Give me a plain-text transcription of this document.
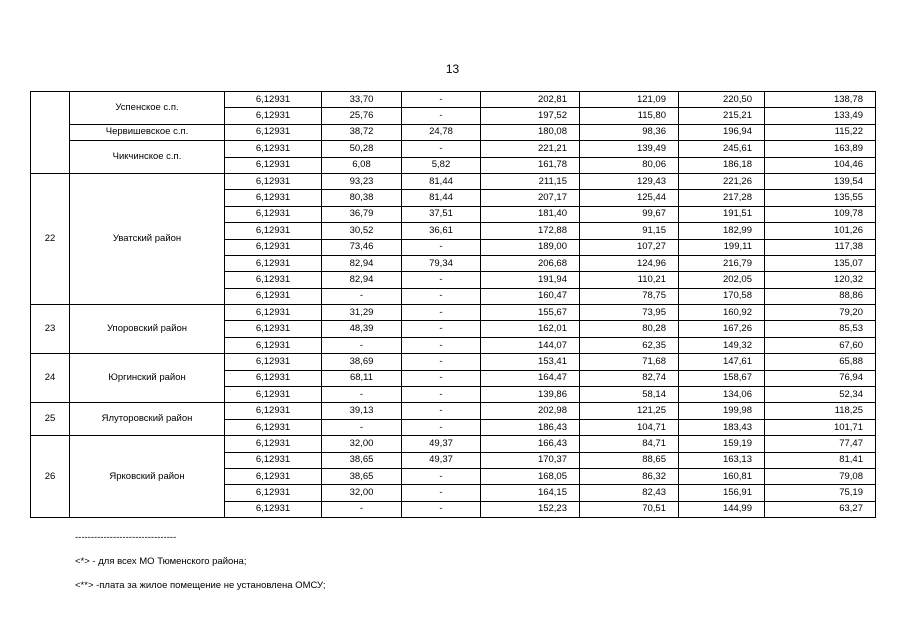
13
	Успенское с.п.	6,12931	33,70	-	202,81	121,09	220,50	138,78
		6,12931	25,76	-	197,52	115,80	215,21	133,49
	Червишевское с.п.	6,12931	38,72	24,78	180,08	98,36	196,94	115,22
	Чикчинское с.п.	6,12931	50,28	-	221,21	139,49	245,61	163,89
		6,12931	6,08	5,82	161,78	80,06	186,18	104,46
22	Уватский район	6,12931	93,23	81,44	211,15	129,43	221,26	139,54
		6,12931	80,38	81,44	207,17	125,44	217,28	135,55
		6,12931	36,79	37,51	181,40	99,67	191,51	109,78
		6,12931	30,52	36,61	172,88	91,15	182,99	101,26
		6,12931	73,46	-	189,00	107,27	199,11	117,38
		6,12931	82,94	79,34	206,68	124,96	216,79	135,07
		6,12931	82,94	-	191,94	110,21	202,05	120,32
		6,12931	-	-	160,47	78,75	170,58	88,86
23	Упоровский район	6,12931	31,29	-	155,67	73,95	160,92	79,20
		6,12931	48,39	-	162,01	80,28	167,26	85,53
		6,12931	-	-	144,07	62,35	149,32	67,60
24	Юргинский район	6,12931	38,69	-	153,41	71,68	147,61	65,88
		6,12931	68,11	-	164,47	82,74	158,67	76,94
		6,12931	-	-	139,86	58,14	134,06	52,34
25	Ялуторовский район	6,12931	39,13	-	202,98	121,25	199,98	118,25
		6,12931	-	-	186,43	104,71	183,43	101,71
26	Ярковский район	6,12931	32,00	49,37	166,43	84,71	159,19	77,47
		6,12931	38,65	49,37	170,37	88,65	163,13	81,41
		6,12931	38,65	-	168,05	86,32	160,81	79,08
		6,12931	32,00	-	164,15	82,43	156,91	75,19
		6,12931	-	-	152,23	70,51	144,99	63,27
--------------------------------
<*> - для всех МО Тюменского района;
<**> -плата за жилое помещение не установлена ОМСУ;
